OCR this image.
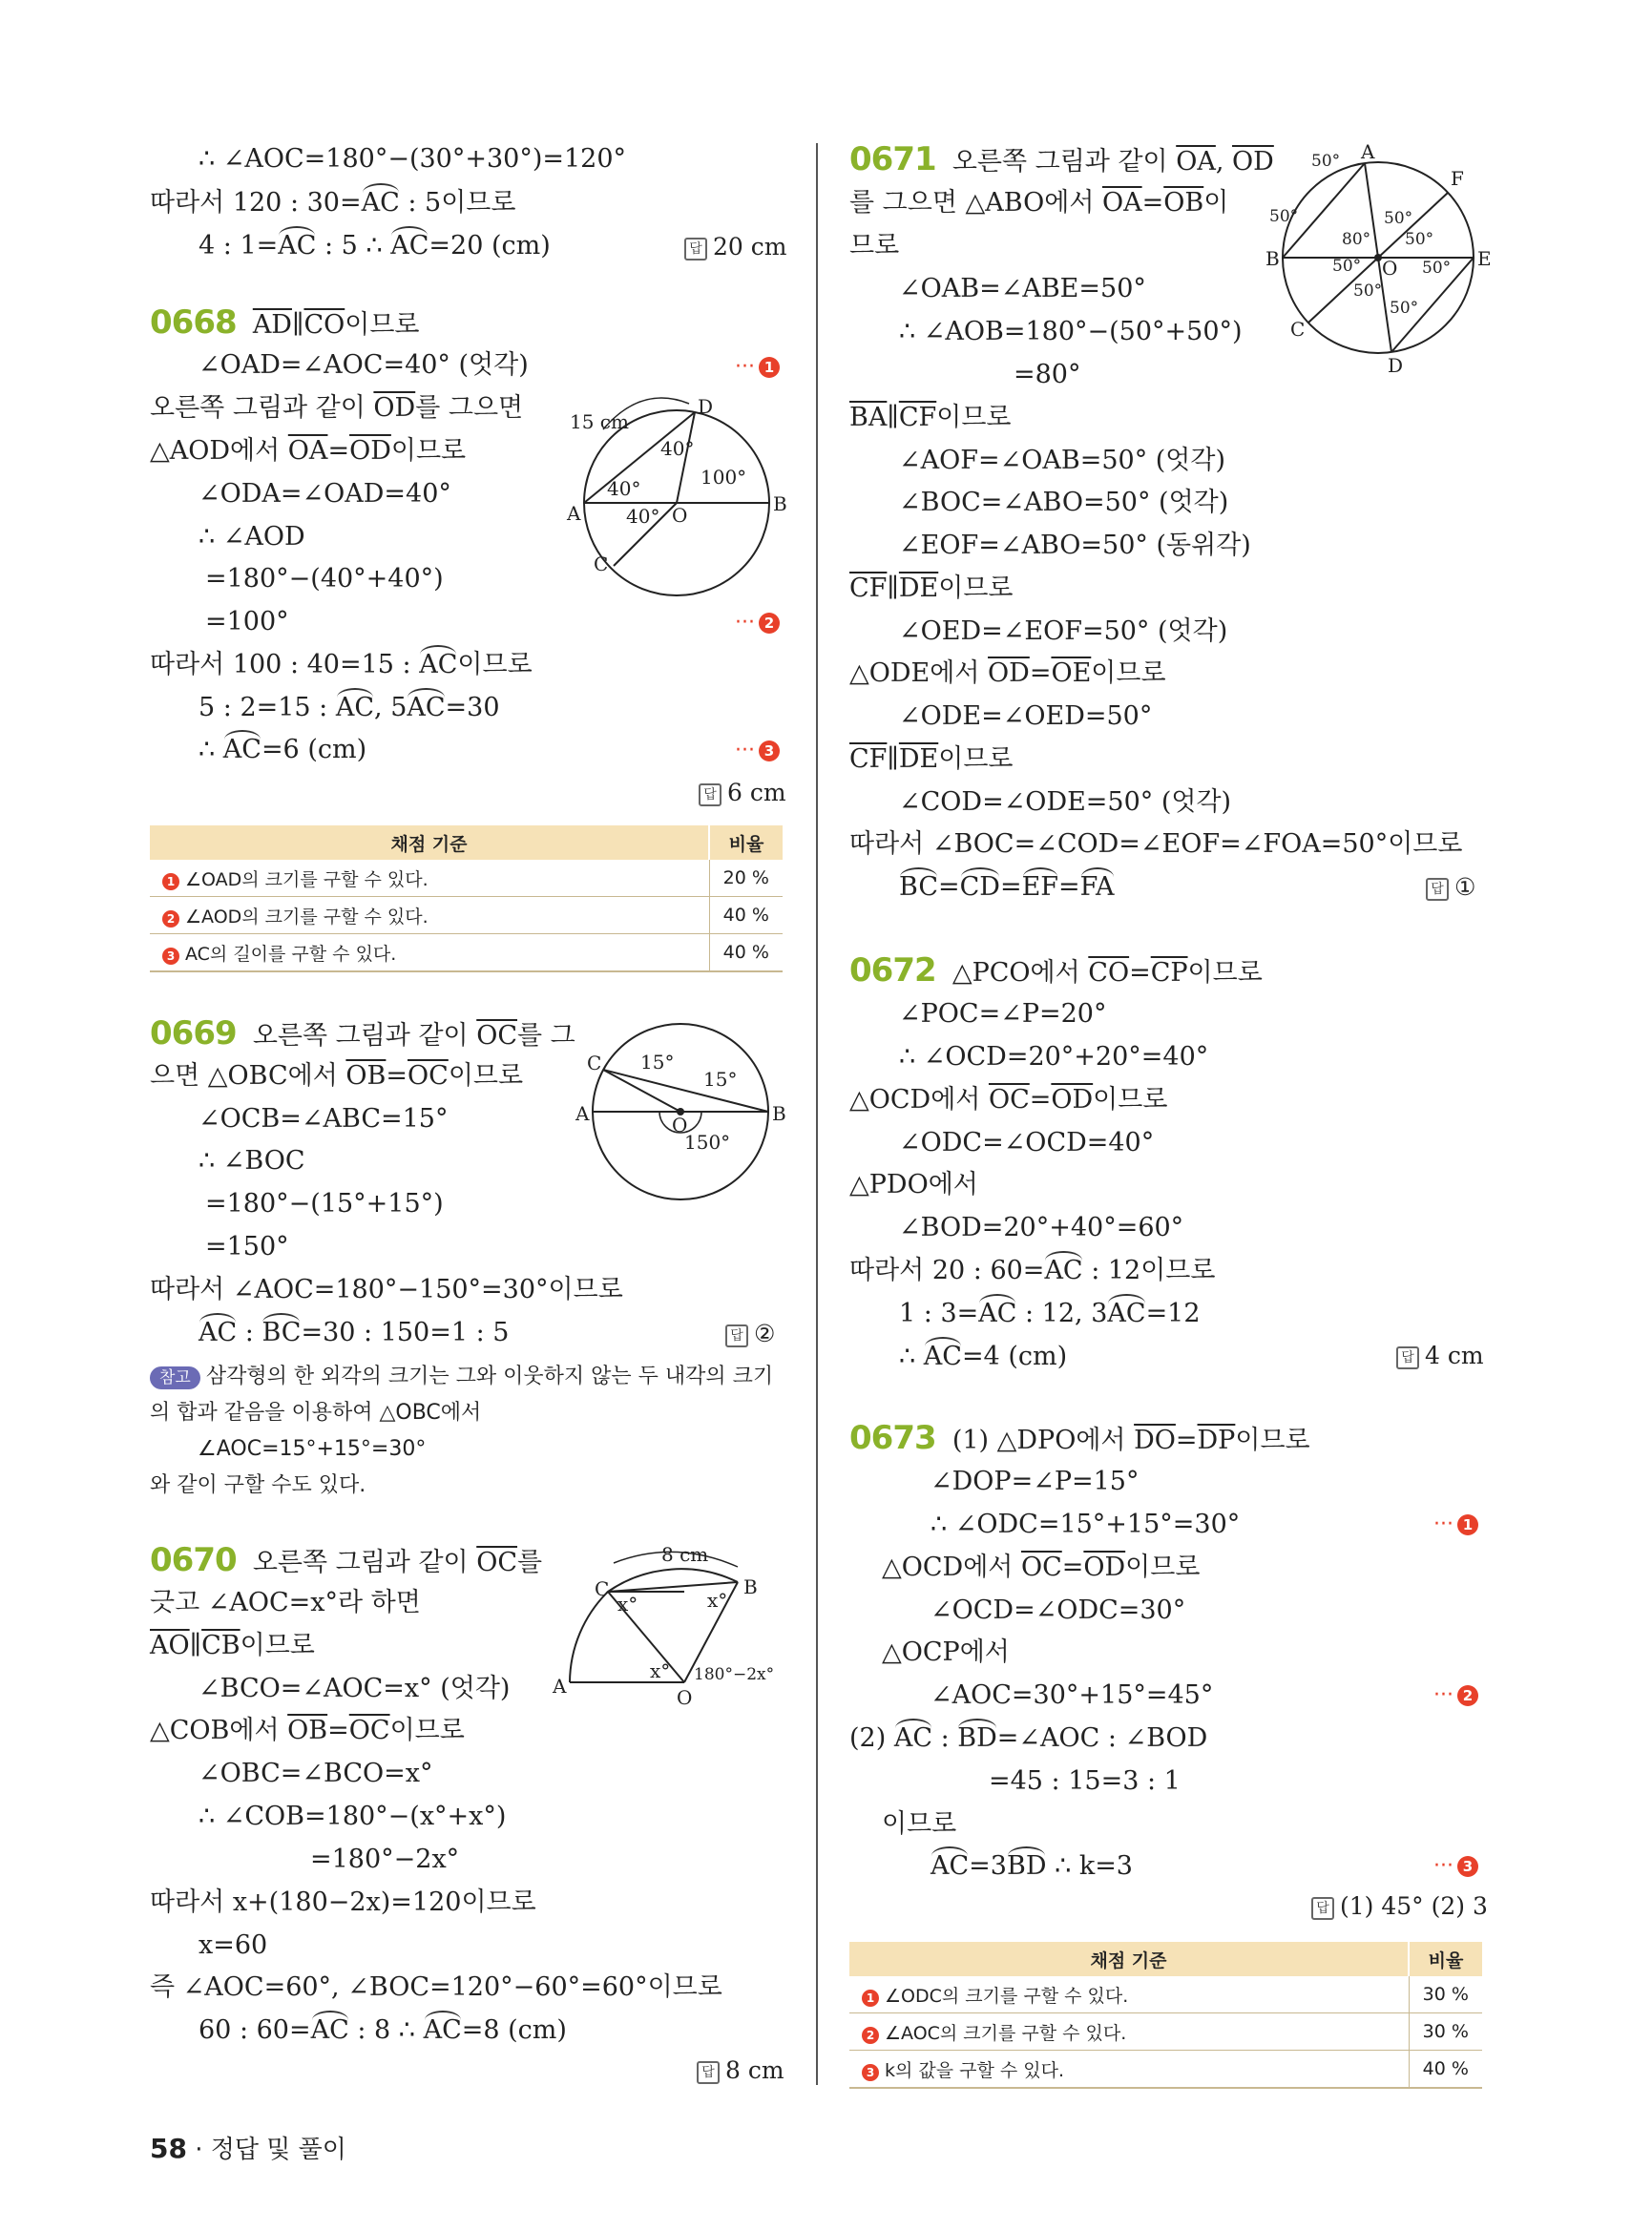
∴ ∠AOC=180°−(30°+30°)=120°
따라서 120 : 30=AC : 5이므로
4 : 1=AC : 5 ∴ AC=20 (cm)	답 20 cm
0668 $\overline{AD}\parallel\overline{CO}$이므로
∠OAD=∠AOC=40° (엇각)	··· 1
오른쪽 그림과 같이 $\overline{OD}$를 그으면
△AOD에서 $\overline{OA}=\overline{OD}$이므로
∠ODA=∠OAD=40°
∴ ∠AOD
=180°−(40°+40°)
=100°	··· 2
따라서 100 : 40=15 : AC이므로
5 : 2=15 : AC, 5AC=30
∴ AC=6 (cm)	··· 3
답 6 cm
15 cm
D
A	B
C
O
40°
40°
40°
100°
채점 기준	비율
1 ∠OAD의 크기를 구할 수 있다.	20 %
2 ∠AOD의 크기를 구할 수 있다.	40 %
3 AC의 길이를 구할 수 있다.	40 %
0669 오른쪽 그림과 같이 $\overline{OC}$를 그
으면 △OBC에서 $\overline{OB}=\overline{OC}$이므로
∠OCB=∠ABC=15°
∴ ∠BOC
=180°−(15°+15°)
=150°
따라서 ∠AOC=180°−150°=30°이므로
AC : BC=30 : 150=1 : 5	답 ②
참고 삼각형의 한 외각의 크기는 그와 이웃하지 않는 두 내각의 크기
의 합과 같음을 이용하여 △OBC에서
∠AOC=15°+15°=30°
와 같이 구할 수도 있다.
C
A	B
O
15°
15°
150°
0670 오른쪽 그림과 같이 $\overline{OC}$를
긋고 ∠AOC=x°라 하면
$\overline{AO}\parallel\overline{CB}$이므로
∠BCO=∠AOC=x° (엇각)
△COB에서 $\overline{OB}=\overline{OC}$이므로
∠OBC=∠BCO=x°
∴ ∠COB=180°−(x°+x°)
=180°−2x°
따라서 x+(180−2x)=120이므로
x=60
즉 ∠AOC=60°, ∠BOC=120°−60°=60°이므로
60 : 60=AC : 8 ∴ AC=8 (cm)
답 8 cm
8 cm
C	B
A	O
x°	x°
x° 180°−2x°
0671 오른쪽 그림과 같이 $\overline{OA}$, $\overline{OD}$
를 그으면 △ABO에서 $\overline{OA}=\overline{OB}$이
므로
∠OAB=∠ABE=50°
∴ ∠AOB=180°−(50°+50°)
=80°
$\overline{BA}\parallel\overline{CF}$이므로
∠AOF=∠OAB=50° (엇각)
∠BOC=∠ABO=50° (엇각)
∠EOF=∠ABO=50° (동위각)
$\overline{CF}\parallel\overline{DE}$이므로
∠OED=∠EOF=50° (엇각)
△ODE에서 $\overline{OD}=\overline{OE}$이므로
∠ODE=∠OED=50°
$\overline{CF}\parallel\overline{DE}$이므로
∠COD=∠ODE=50° (엇각)
따라서 ∠BOC=∠COD=∠EOF=∠FOA=50°이므로
BC=CD=EF=FA	답 ①
A
B
C
D
E
F
O
80°
50°
50°	50°
50°
50°	50°
50°
50°
0672 △PCO에서 $\overline{CO}=\overline{CP}$이므로
∠POC=∠P=20°
∴ ∠OCD=20°+20°=40°
△OCD에서 $\overline{OC}=\overline{OD}$이므로
∠ODC=∠OCD=40°
△PDO에서
∠BOD=20°+40°=60°
따라서 20 : 60=AC : 12이므로
1 : 3=AC : 12, 3AC=12
∴ AC=4 (cm)	답 4 cm
0673 (1) △DPO에서 $\overline{DO}=\overline{DP}$이므로
∠DOP=∠P=15°
∴ ∠ODC=15°+15°=30°	··· 1
△OCD에서 $\overline{OC}=\overline{OD}$이므로
∠OCD=∠ODC=30°
△OCP에서
∠AOC=30°+15°=45°	··· 2
(2) AC : BD=∠AOC : ∠BOD
=45 : 15=3 : 1
이므로
AC=3BD ∴ k=3	··· 3
답 (1) 45° (2) 3
채점 기준	비율
1 ∠ODC의 크기를 구할 수 있다.	30 %
2 ∠AOC의 크기를 구할 수 있다.	30 %
3 k의 값을 구할 수 있다.	40 %
58 · 정답 및 풀이
